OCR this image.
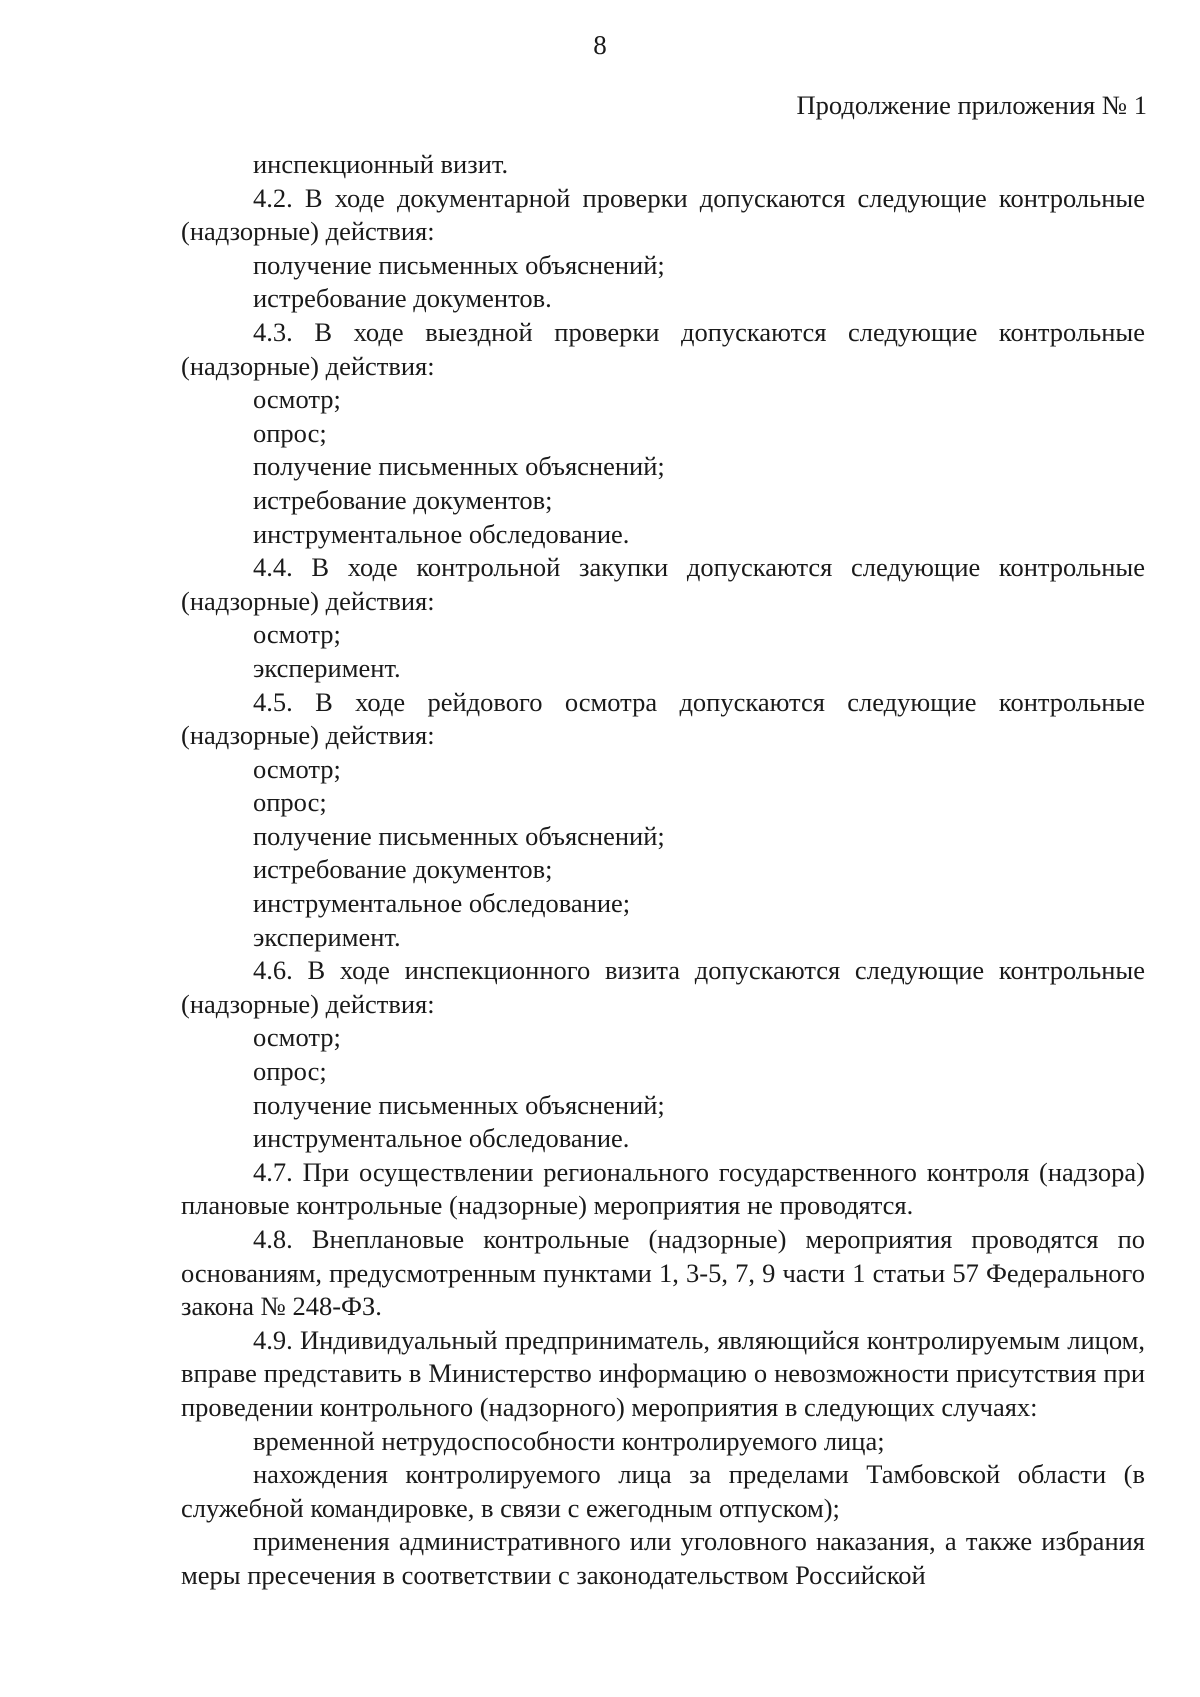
8
Продолжение приложения № 1

инспекционный визит.

4.2. В ходе документарной проверки допускаются следующие контрольные (надзорные) действия:

получение письменных объяснений;

истребование документов.

4.3. В ходе выездной проверки допускаются следующие контрольные (надзорные) действия:

осмотр;

опрос;

получение письменных объяснений;

истребование документов;

инструментальное обследование.

4.4. В ходе контрольной закупки допускаются следующие контрольные (надзорные) действия:

осмотр;

эксперимент.

4.5. В ходе рейдового осмотра допускаются следующие контрольные (надзорные) действия:

осмотр;

опрос;

получение письменных объяснений;

истребование документов;

инструментальное обследование;

эксперимент.

4.6. В ходе инспекционного визита допускаются следующие контрольные (надзорные) действия:

осмотр;

опрос;

получение письменных объяснений;

инструментальное обследование.

4.7. При осуществлении регионального государственного контроля (надзора) плановые контрольные (надзорные) мероприятия не проводятся.

4.8. Внеплановые контрольные (надзорные) мероприятия проводятся по основаниям, предусмотренным пунктами 1, 3-5, 7, 9 части 1 статьи 57 Федерального закона № 248-ФЗ.

4.9. Индивидуальный предприниматель, являющийся контролируемым лицом, вправе представить в Министерство информацию о невозможности присутствия при проведении контрольного (надзорного) мероприятия в следующих случаях:

временной нетрудоспособности контролируемого лица;

нахождения контролируемого лица за пределами Тамбовской области (в служебной командировке, в связи с ежегодным отпуском);

применения административного или уголовного наказания, а также избрания меры пресечения в соответствии с законодательством Российской
